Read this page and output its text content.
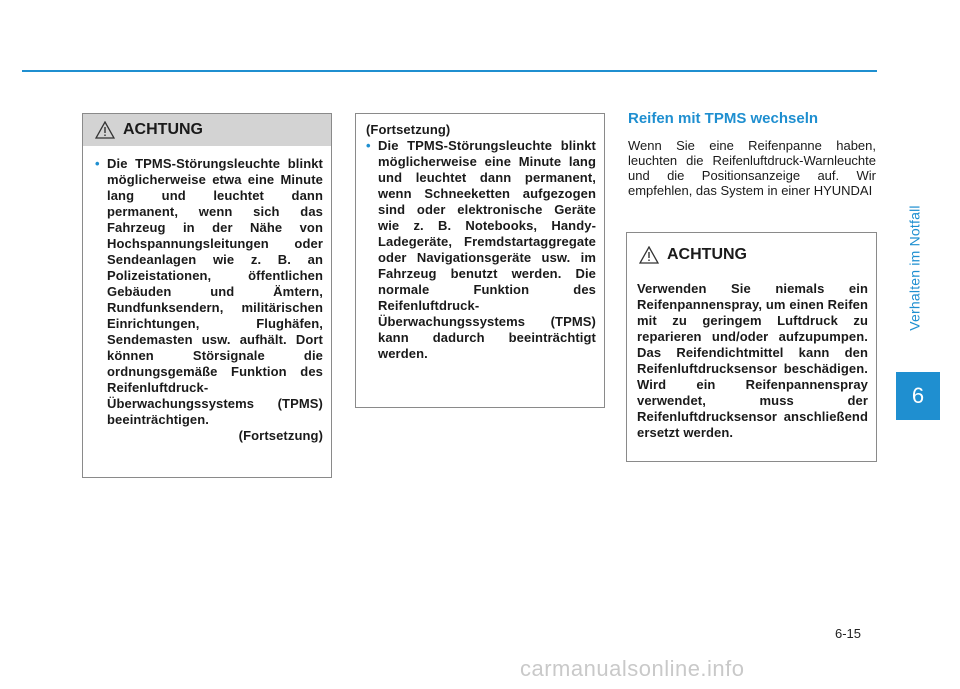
Verhalten im Notfall
6
ACHTUNG
• Die TPMS-Störungsleuchte blinkt möglicherweise etwa eine Minute lang und leuchtet dann permanent, wenn sich das Fahrzeug in der Nähe von Hochspannungsleitungen oder Sendeanlagen wie z. B. an Polizeistationen, öffentlichen Gebäuden und Ämtern, Rundfunksendern, militärischen Einrichtungen, Flughäfen, Sendemasten usw. aufhält. Dort können Störsignale die ordnungsgemäße Funktion des Reifenluftdruck-Überwachungssystems (TPMS) beeinträchtigen.
(Fortsetzung)
(Fortsetzung)
• Die TPMS-Störungsleuchte blinkt möglicherweise eine Minute lang und leuchtet dann permanent, wenn Schneeketten aufgezogen sind oder elektronische Geräte wie z. B. Notebooks, Handy-Ladegeräte, Fremdstartaggregate oder Navigationsgeräte usw. im Fahrzeug benutzt werden. Die normale Funktion des Reifenluftdruck-Überwachungssystems (TPMS) kann dadurch beeinträchtigt werden.
Reifen mit TPMS wechseln
Wenn Sie eine Reifenpanne haben, leuchten die Reifenluftdruck-Warnleuchte und die Positionsanzeige auf. Wir empfehlen, das System in einer HYUNDAI
ACHTUNG
Verwenden Sie niemals ein Reifenpannenspray, um einen Reifen mit zu geringem Luftdruck zu reparieren und/oder aufzupumpen. Das Reifendichtmittel kann den Reifenluftdrucksensor beschädigen. Wird ein Reifenpannenspray verwendet, muss der Reifenluftdrucksensor anschließend ersetzt werden.
6-15
carmanualsonline.info
